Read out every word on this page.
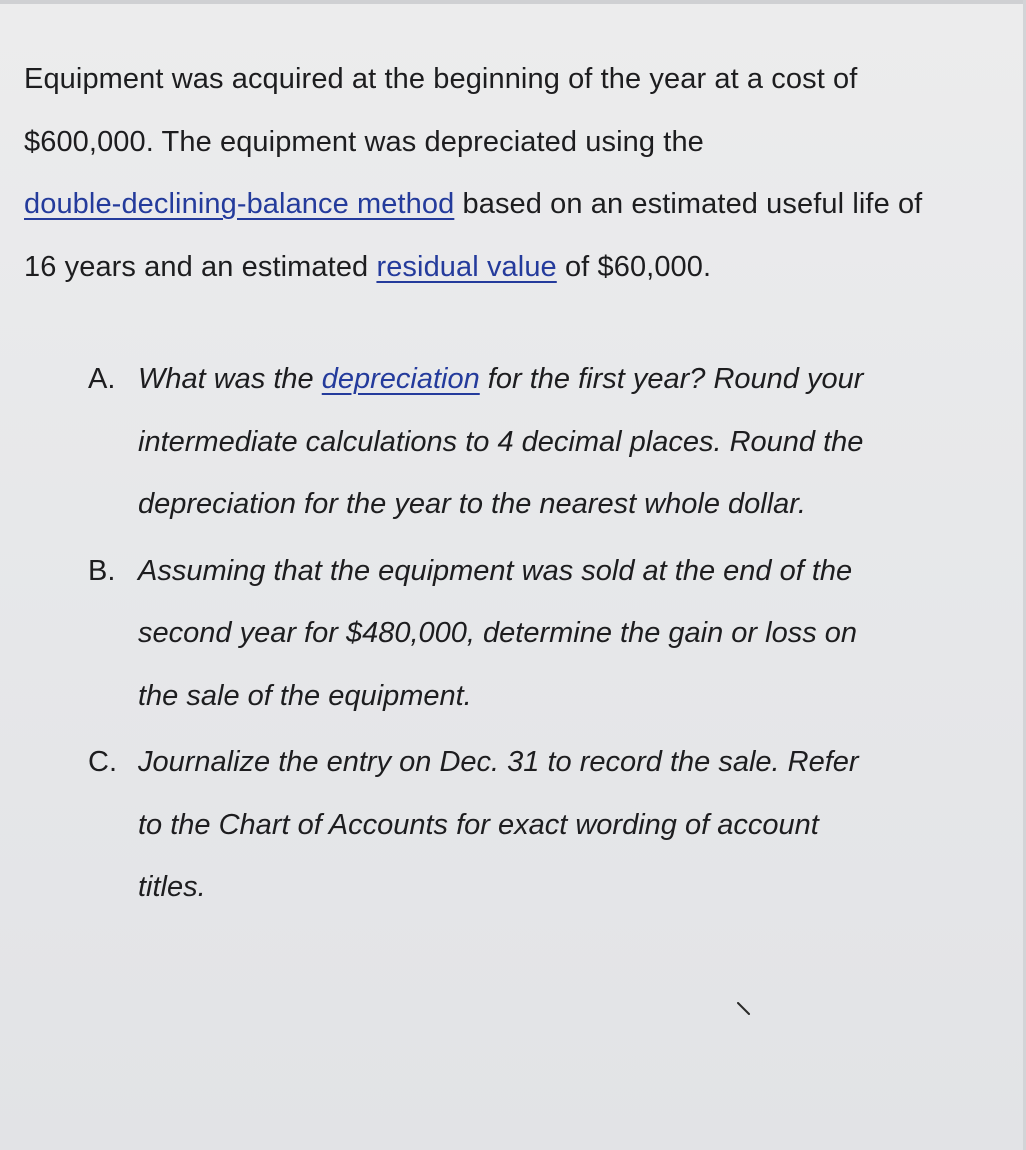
Equipment was acquired at the beginning of the year at a cost of

$600,000. The equipment was depreciated using the

double-declining-balance method based on an estimated useful life of

16 years and an estimated residual value of $60,000.

A. What was the depreciation for the first year? Round your

intermediate calculations to 4 decimal places. Round the

depreciation for the year to the nearest whole dollar.

B. Assuming that the equipment was sold at the end of the

second year for $480,000, determine the gain or loss on

the sale of the equipment.

C. Journalize the entry on Dec. 31 to record the sale. Refer

to the Chart of Accounts for exact wording of account

titles.
